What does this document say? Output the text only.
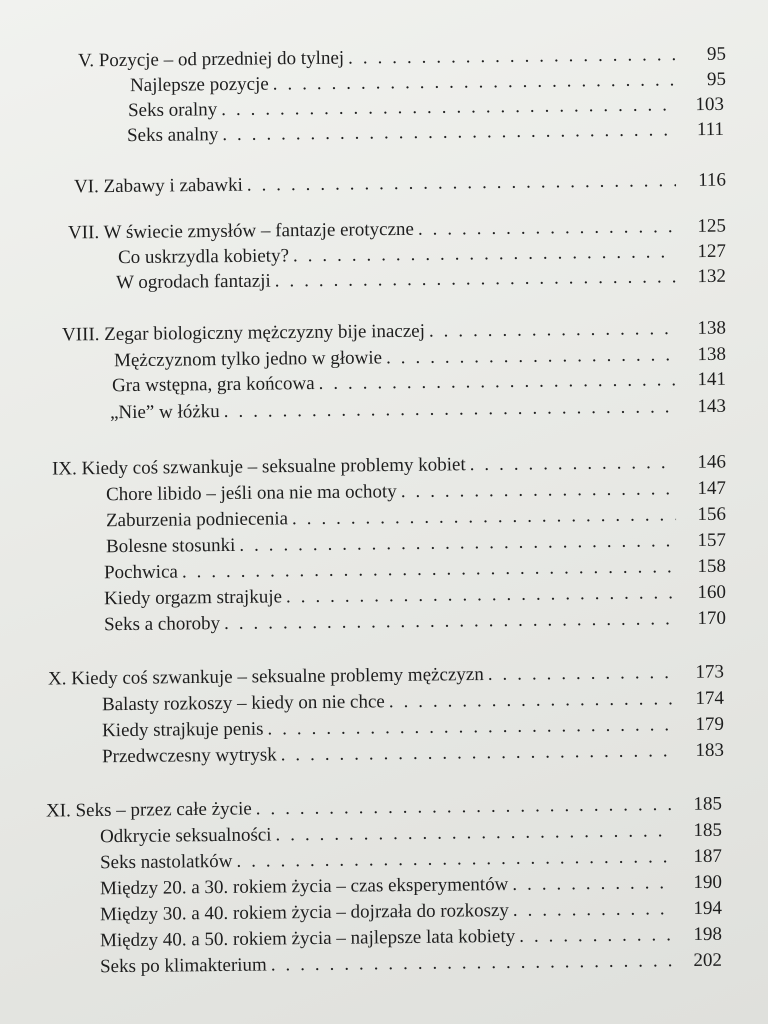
V. Pozycje – od przedniej do tylnej . . .	95
Najlepsze pozycje . . .	95
Seks oralny . . .	103
Seks analny . . .	111
VI. Zabawy i zabawki . . .	116
VII. W świecie zmysłów – fantazje erotyczne . . .	125
Co uskrzydla kobiety? . . .	127
W ogrodach fantazji . . .	132
VIII. Zegar biologiczny mężczyzny bije inaczej . . .	138
Mężczyznom tylko jedno w głowie . . .	138
Gra wstępna, gra końcowa . . .	141
„Nie” w łóżku . . .	143
IX. Kiedy coś szwankuje – seksualne problemy kobiet . . .	146
Chore libido – jeśli ona nie ma ochoty . . .	147
Zaburzenia podniecenia . . .	156
Bolesne stosunki . . .	157
Pochwica . . .	158
Kiedy orgazm strajkuje . . .	160
Seks a choroby . . .	170
X. Kiedy coś szwankuje – seksualne problemy mężczyzn . . .	173
Balasty rozkoszy – kiedy on nie chce . . .	174
Kiedy strajkuje penis . . .	179
Przedwczesny wytrysk . . .	183
XI. Seks – przez całe życie . . .	185
Odkrycie seksualności . . .	185
Seks nastolatków . . .	187
Między 20. a 30. rokiem życia – czas eksperymentów . . .	190
Między 30. a 40. rokiem życia – dojrzała do rozkoszy . . .	194
Między 40. a 50. rokiem życia – najlepsze lata kobiety . . .	198
Seks po klimakterium . . .	202
